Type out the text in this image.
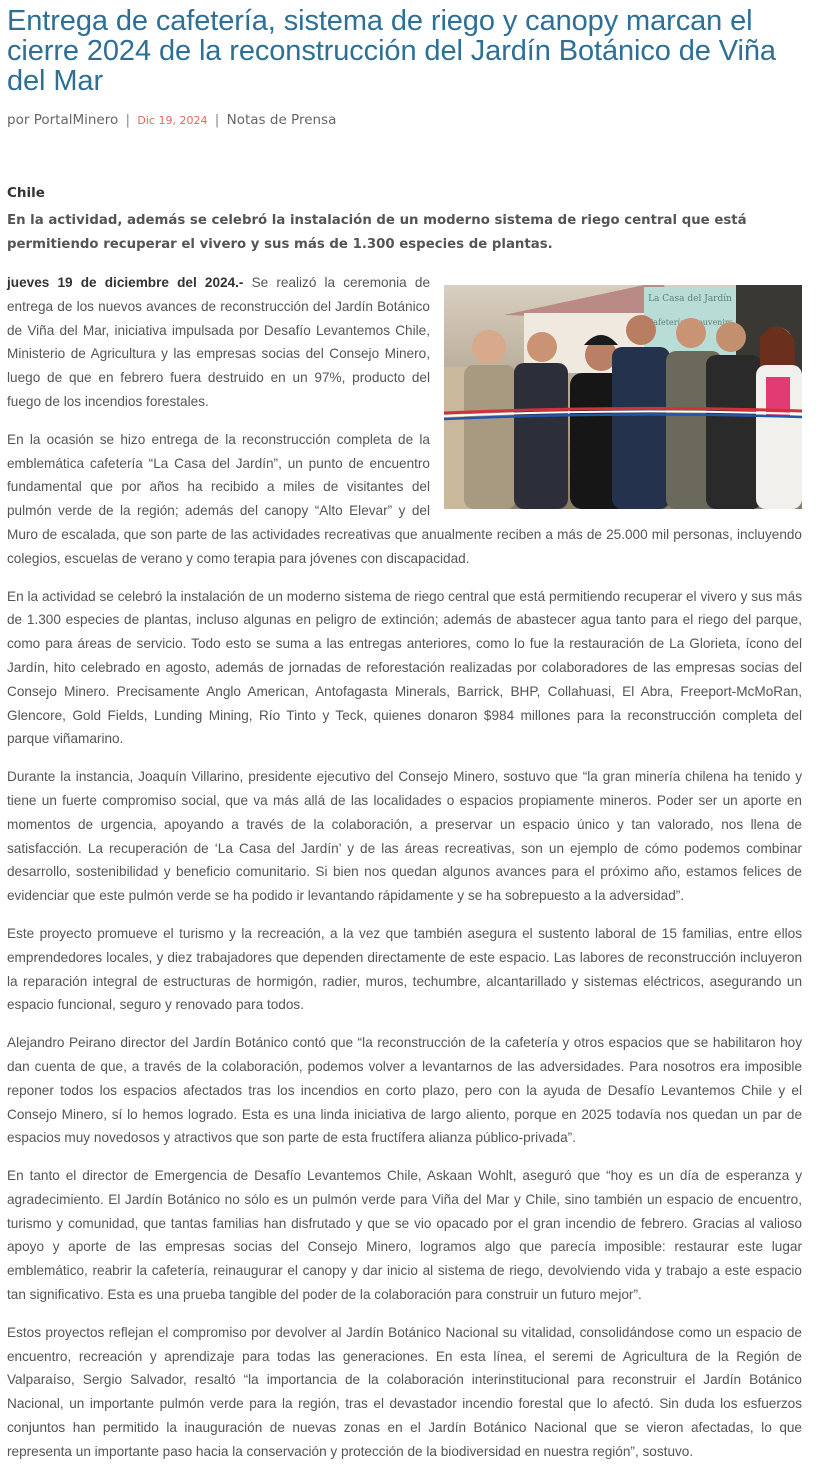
Entrega de cafetería, sistema de riego y canopy marcan el cierre 2024 de la reconstrucción del Jardín Botánico de Viña del Mar
por PortalMinero | Dic 19, 2024 | Notas de Prensa
Chile
En la actividad, además se celebró la instalación de un moderno sistema de riego central que está permitiendo recuperar el vivero y sus más de 1.300 especies de plantas.

La Casa del Jardín
Cafetería Souvenirs
jueves 19 de diciembre del 2024.- Se realizó la ceremonia de entrega de los nuevos avances de reconstrucción del Jardín Botánico de Viña del Mar, iniciativa impulsada por Desafío Levantemos Chile, Ministerio de Agricultura y las empresas socias del Consejo Minero, luego de que en febrero fuera destruido en un 97%, producto del fuego de los incendios forestales.

En la ocasión se hizo entrega de la reconstrucción completa de la emblemática cafetería “La Casa del Jardín”, un punto de encuentro fundamental que por años ha recibido a miles de visitantes del pulmón verde de la región; además del canopy “Alto Elevar” y del Muro de escalada, que son parte de las actividades recreativas que anualmente reciben a más de 25.000 mil personas, incluyendo colegios, escuelas de verano y como terapia para jóvenes con discapacidad.

En la actividad se celebró la instalación de un moderno sistema de riego central que está permitiendo recuperar el vivero y sus más de 1.300 especies de plantas, incluso algunas en peligro de extinción; además de abastecer agua tanto para el riego del parque, como para áreas de servicio. Todo esto se suma a las entregas anteriores, como lo fue la restauración de La Glorieta, ícono del Jardín, hito celebrado en agosto, además de jornadas de reforestación realizadas por colaboradores de las empresas socias del Consejo Minero. Precisamente Anglo American, Antofagasta Minerals, Barrick, BHP, Collahuasi, El Abra, Freeport-McMoRan, Glencore, Gold Fields, Lunding Mining, Río Tinto y Teck, quienes donaron $984 millones para la reconstrucción completa del parque viñamarino.

Durante la instancia, Joaquín Villarino, presidente ejecutivo del Consejo Minero, sostuvo que “la gran minería chilena ha tenido y tiene un fuerte compromiso social, que va más allá de las localidades o espacios propiamente mineros. Poder ser un aporte en momentos de urgencia, apoyando a través de la colaboración, a preservar un espacio único y tan valorado, nos llena de satisfacción. La recuperación de ‘La Casa del Jardín’ y de las áreas recreativas, son un ejemplo de cómo podemos combinar desarrollo, sostenibilidad y beneficio comunitario. Si bien nos quedan algunos avances para el próximo año, estamos felices de evidenciar que este pulmón verde se ha podido ir levantando rápidamente y se ha sobrepuesto a la adversidad”.

Este proyecto promueve el turismo y la recreación, a la vez que también asegura el sustento laboral de 15 familias, entre ellos emprendedores locales, y diez trabajadores que dependen directamente de este espacio. Las labores de reconstrucción incluyeron la reparación integral de estructuras de hormigón, radier, muros, techumbre, alcantarillado y sistemas eléctricos, asegurando un espacio funcional, seguro y renovado para todos.

Alejandro Peirano director del Jardín Botánico contó que “la reconstrucción de la cafetería y otros espacios que se habilitaron hoy dan cuenta de que, a través de la colaboración, podemos volver a levantarnos de las adversidades. Para nosotros era imposible reponer todos los espacios afectados tras los incendios en corto plazo, pero con la ayuda de Desafío Levantemos Chile y el Consejo Minero, sí lo hemos logrado. Esta es una linda iniciativa de largo aliento, porque en 2025 todavía nos quedan un par de espacios muy novedosos y atractivos que son parte de esta fructífera alianza público-privada”.

En tanto el director de Emergencia de Desafío Levantemos Chile, Askaan Wohlt, aseguró que “hoy es un día de esperanza y agradecimiento. El Jardín Botánico no sólo es un pulmón verde para Viña del Mar y Chile, sino también un espacio de encuentro, turismo y comunidad, que tantas familias han disfrutado y que se vio opacado por el gran incendio de febrero. Gracias al valioso apoyo y aporte de las empresas socias del Consejo Minero, logramos algo que parecía imposible: restaurar este lugar emblemático, reabrir la cafetería, reinaugurar el canopy y dar inicio al sistema de riego, devolviendo vida y trabajo a este espacio tan significativo. Esta es una prueba tangible del poder de la colaboración para construir un futuro mejor”.

Estos proyectos reflejan el compromiso por devolver al Jardín Botánico Nacional su vitalidad, consolidándose como un espacio de encuentro, recreación y aprendizaje para todas las generaciones. En esta línea, el seremi de Agricultura de la Región de Valparaíso, Sergio Salvador, resaltó “la importancia de la colaboración interinstitucional para reconstruir el Jardín Botánico Nacional, un importante pulmón verde para la región, tras el devastador incendio forestal que lo afectó. Sin duda los esfuerzos conjuntos han permitido la inauguración de nuevas zonas en el Jardín Botánico Nacional que se vieron afectadas, lo que representa un importante paso hacia la conservación y protección de la biodiversidad en nuestra región”, sostuvo.
